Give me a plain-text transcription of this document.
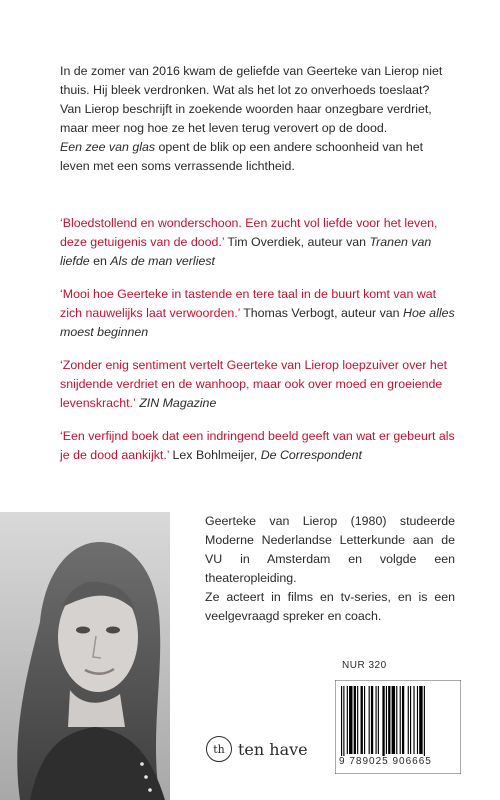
In de zomer van 2016 kwam de geliefde van Geerteke van Lierop niet thuis. Hij bleek verdronken. Wat als het lot zo onverhoeds toeslaat?

Van Lierop beschrijft in zoekende woorden haar onzegbare verdriet, maar meer nog hoe ze het leven terug verovert op de dood.

Een zee van glas opent de blik op een andere schoonheid van het leven met een soms verrassende lichtheid.

‘Bloedstollend en wonderschoon. Een zucht vol liefde voor het leven, deze getuigenis van de dood.’ Tim Overdiek, auteur van Tranen van liefde en Als de man verliest

‘Mooi hoe Geerteke in tastende en tere taal in de buurt komt van wat zich nauwelijks laat verwoorden.’ Thomas Verbogt, auteur van Hoe alles moest beginnen

‘Zonder enig sentiment vertelt Geerteke van Lierop loepzuiver over het snijdende verdriet en de wanhoop, maar ook over moed en groeiende levenskracht.’ ZIN Magazine

‘Een verfijnd boek dat een indringend beeld geeft van wat er gebeurt als je de dood aankijkt.’ Lex Bohlmeijer, De Correspondent

Geerteke van Lierop (1980) studeerde Moderne Nederlandse Letterkunde aan de VU in Amsterdam en volgde een theateropleiding.

Ze acteert in films en tv-series, en is een veelgevraagd spreker en coach.

th ten have
NUR 320
9 789025 906665
